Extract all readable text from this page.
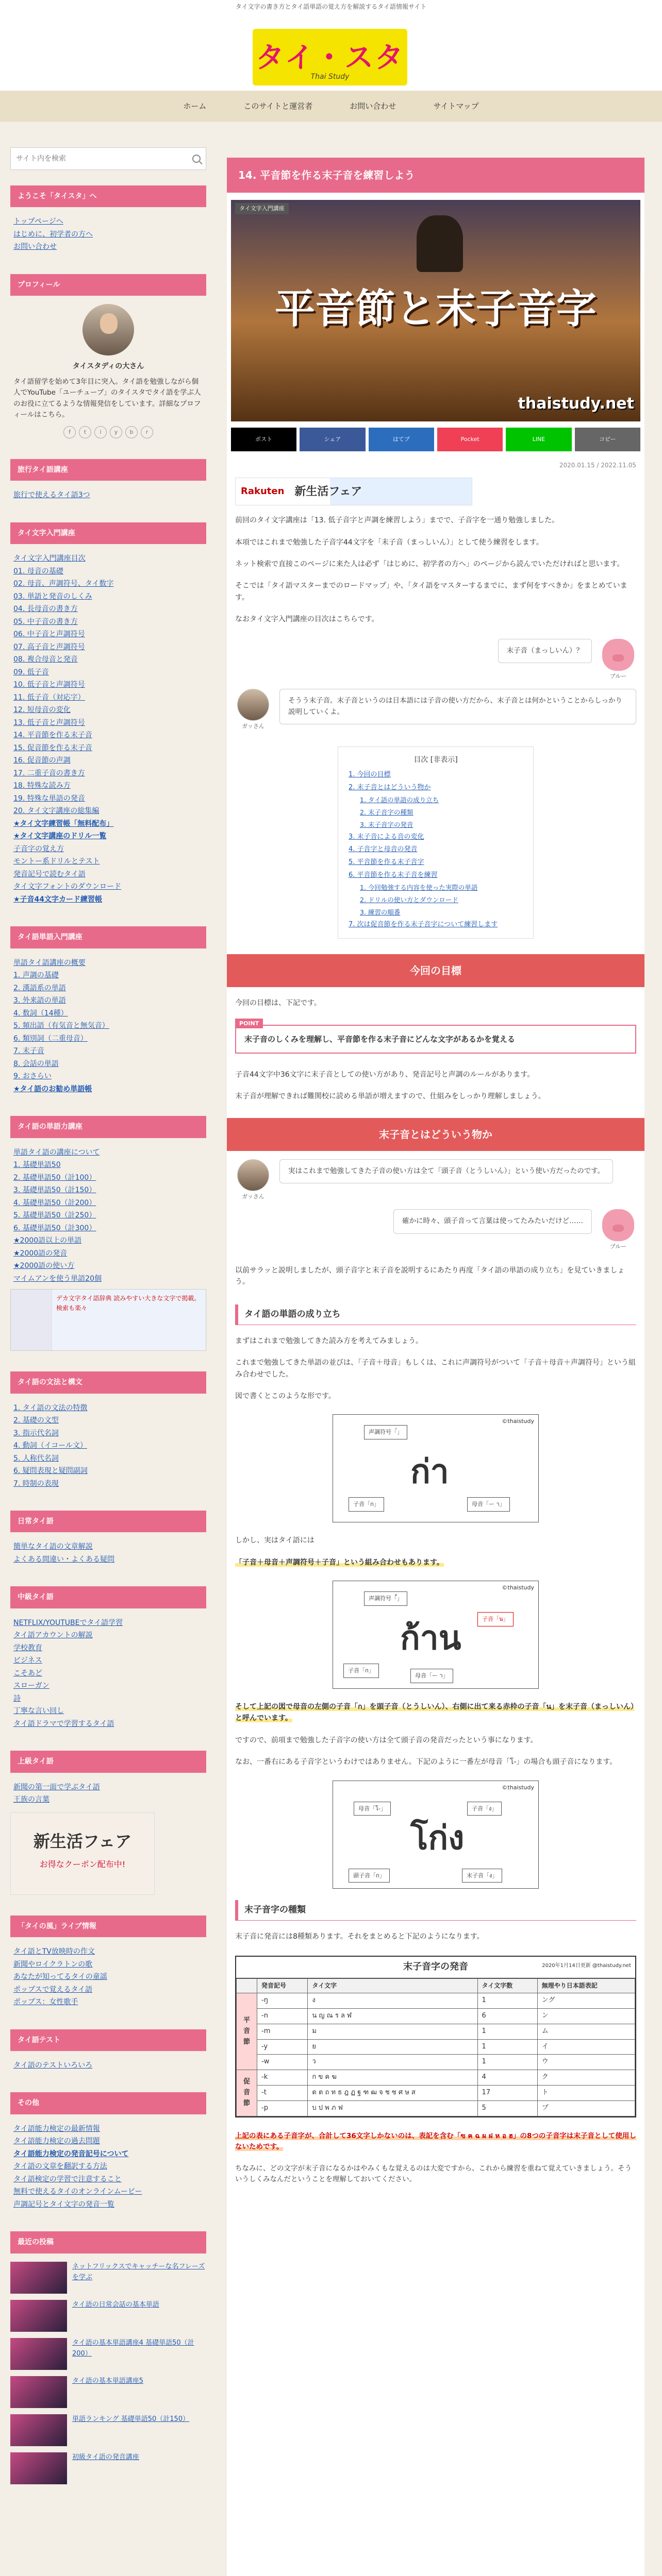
タイ文字の書き方とタイ語単語の覚え方を解説するタイ語情報サイト
タイ・スタ
Thai Study
ホーム	このサイトと運営者	お問い合わせ	サイトマップ
サイト内を検索
ようこそ「タイスタ」へ
トップページへ
はじめに、初学者の方へ
お問い合わせ
プロフィール
タイスタディの大さん
タイ語留学を始めて3年目に突入。タイ語を勉強しながら個人でYouTube「ユーチューブ」のタイスタでタイ語を学ぶ人のお役に立てるような情報発信をしています。詳細なプロフィールはこちら。
f	t	i	y	b	r
旅行タイ語講座
旅行で使えるタイ語3つ
タイ文字入門講座
タイ文字入門講座目次
01. 母音の基礎
02. 母音、声調符号、タイ数字
03. 単語と発音のしくみ
04. 長母音の書き方
05. 中子音の書き方
06. 中子音と声調符号
07. 高子音と声調符号
08. 複合母音と発音
09. 低子音
10. 低子音と声調符号
11. 低子音（対応字）
12. 短母音の変化
13. 低子音と声調符号
14. 平音節を作る末子音
15. 促音節を作る末子音
16. 促音節の声調
17. 二重子音の書き方
18. 特殊な読み方
19. 特殊な単語の発音
20. タイ文字講座の総集編
★タイ文字練習帳「無料配布」
★タイ文字講座のドリル一覧
子音字の覚え方
モントー系ドリルとテスト
発音記号で読むタイ語
タイ文字フォントのダウンロード
★子音44文字カード練習帳
タイ語単語入門講座
単語タイ語講座の概要
1. 声調の基礎
2. 漢語系の単語
3. 外来語の単語
4. 数詞（14種）
5. 頻出語（有気音と無気音）
6. 類別詞（二重母音）
7. 末子音
8. 会話の単語
9. おさらい
★タイ語のお勧め単語帳
タイ語の単語力講座
単語タイ語の講座について
1. 基礎単語50
2. 基礎単語50（計100）
3. 基礎単語50（計150）
4. 基礎単語50（計200）
5. 基礎単語50（計250）
6. 基礎単語50（計300）
★2000語以上の単語
★2000語の発音
★2000語の使い方
マイムアンを使う単語20個
デカ文字タイ語辞典 読みやすい大きな文字で掲載。検索も楽々
タイ語の文法と構文
1. タイ語の文法の特徴
2. 基礎の文型
3. 指示代名詞
4. 動詞（イコール文）
5. 人称代名詞
6. 疑問表現と疑問副詞
7. 時制の表現
日常タイ語
簡単なタイ語の文章解説
よくある間違い・よくある疑問
中級タイ語
NETFLIX/YOUTUBEでタイ語学習
タイ語アカウントの解説
学校教育
ビジネス
こそあど
スローガン
詩
丁寧な言い回し
タイ語ドラマで学習するタイ語
上級タイ語
新聞の第一面で学ぶタイ語
王族の言葉
新生活フェア
お得なクーポン配布中!
「タイの風」ライブ情報
タイ語とTV放映時の作文
新聞やロイクラトンの歌
あなたが知ってるタイの童謡
ポップスで覚えるタイ語
ポップス：女性歌手
タイ語テスト
タイ語のテストいろいろ
その他
タイ語能力検定の最新情報
タイ語能力検定の過去問題
タイ語能力検定の発音記号について
タイ語の文章を翻訳する方法
タイ語検定の学習で注意すること
無料で使えるタイのオンラインムービー
声調記号とタイ文字の発音一覧
最近の投稿
ネットフリックスでキャッチーな名フレーズを学ぶ
タイ語の日常会話の基本単語
タイ語の基本単語講座4 基礎単語50（計200）
タイ語の基本単語講座5
単語ランキング 基礎単語50（計150）
初級タイ語の発音講座
14. 平音節を作る末子音を練習しよう
タイ文字入門講座
平音節と末子音字
thaistudy.net
ポスト	シェア	はてブ	Pocket	LINE	コピー
2020.01.15 / 2022.11.05
Rakuten 新生活フェア

前回のタイ文字講座は「13. 低子音字と声調を練習しよう」までで、子音字を一通り勉強しました。

本項ではこれまで勉強した子音字44文字を「末子音（まっしいん）」として使う練習をします。

ネット検索で直接このページに来た人は必ず「はじめに、初学者の方へ」のページから読んでいただければと思います。

そこでは「タイ語マスターまでのロードマップ」や、「タイ語をマスターするまでに、まず何をすべきか」をまとめています。

なおタイ文字入門講座の目次はこちらです。

ブルー
末子音（まっしいん）？
ガッさん
そうう末子音。末子音というのは日本語には子音の使い方だから、末子音とは何かということからしっかり説明していくよ。
目次 [非表示]
1. 今回の目標
2. 末子音とはどういう物か
1. タイ語の単語の成り立ち
2. 末子音字の種類
3. 末子音字の発音
3. 末子音による音の変化
4. 子音字と母音の発音
5. 平音節を作る末子音字
6. 平音節を作る末子音を練習
1. 今回勉強する内容を使った実際の単語
2. ドリルの使い方とダウンロード
3. 練習の順番
7. 次は促音節を作る末子音字について練習します
今回の目標

今回の目標は、下記です。

POINT
末子音のしくみを理解し、平音節を作る末子音にどんな文字があるかを覚える

子音44文字中36文字に末子音としての使い方があり、発音記号と声調のルールがあります。

末子音が理解できれば難関校に読める単語が増えますので、仕組みをしっかり理解しましょう。

末子音とはどういう物か
ガッさん
実はこれまで勉強してきた子音の使い方は全て「頭子音（とうしいん）」という使い方だったのです。
ブルー
確かに時々、頭子音って言葉は使ってたみたいだけど……

以前サラッと説明しましたが、頭子音字と末子音を説明するにあたり再度「タイ語の単語の成り立ち」を見ていきましょう。

タイ語の単語の成り立ち

まずはこれまで勉強してきた読み方を考えてみましょう。

これまで勉強してきた単語の並びは、「子音＋母音」もしくは、これに声調符号がついて「子音＋母音＋声調符号」という組み合わせでした。

図で書くとこのような形です。

©thaistudy
声調符号「่」
ก่า
子音「ก」	母音「ー า」

しかし、実はタイ語には

「子音＋母音＋声調符号＋子音」という組み合わせもあります。

©thaistudy
声調符号「้」
ก้าน
子音「ก」
母音「ー า」
子音「น」

そして上記の図で母音の左側の子音「ก」を頭子音（とうしいん）、右側に出て来る赤枠の子音「น」を末子音（まっしいん）と呼んでいます。

ですので、前項まで勉強した子音字の使い方は全て頭子音の発音だったという事になります。

なお、一番右にある子音字というわけではありません。下記のように一番左が母音「โ-」の場合も頭子音になります。

©thaistudy
母音「โ-」	子音「ง」
โก่ง
頭子音「ก」	末子音「ง」
末子音字の種類

末子音に発音には8種類あります。それをまとめると下記のようになります。

末子音字の発音	2020年1月14日更新 @thaistudy.net
	発音記号	タイ文字	タイ文字数	無理やり日本語表記
平音節	-ŋ	ง	1	ング
	-n	น ญ ณ ร ล ฬ	6	ン
	-m	ม	1	ム
	-y	ย	1	イ
	-w	ว	1	ウ
促音節	-k	ก ข ค ฆ	4	ク
	-t	ด ต ถ ท ธ ฎ ฏ ฐ ฑ ฒ จ ช ซ ศ ษ ส	17	ト
	-p	บ ป พ ภ ฟ	5	プ

上記の表にある子音字が、合計して36文字しかないのは、表記を含む「ฃ ฅ ฉ ผ ฝ ห อ ฮ」の8つの子音字は末子音として使用しないためです。

ちなみに、どの文字が末子音になるかはやみくもな覚えるのは大変ですから、これから練習を重ねて覚えていきましょう。そういうしくみなんだということを理解しておいてください。
